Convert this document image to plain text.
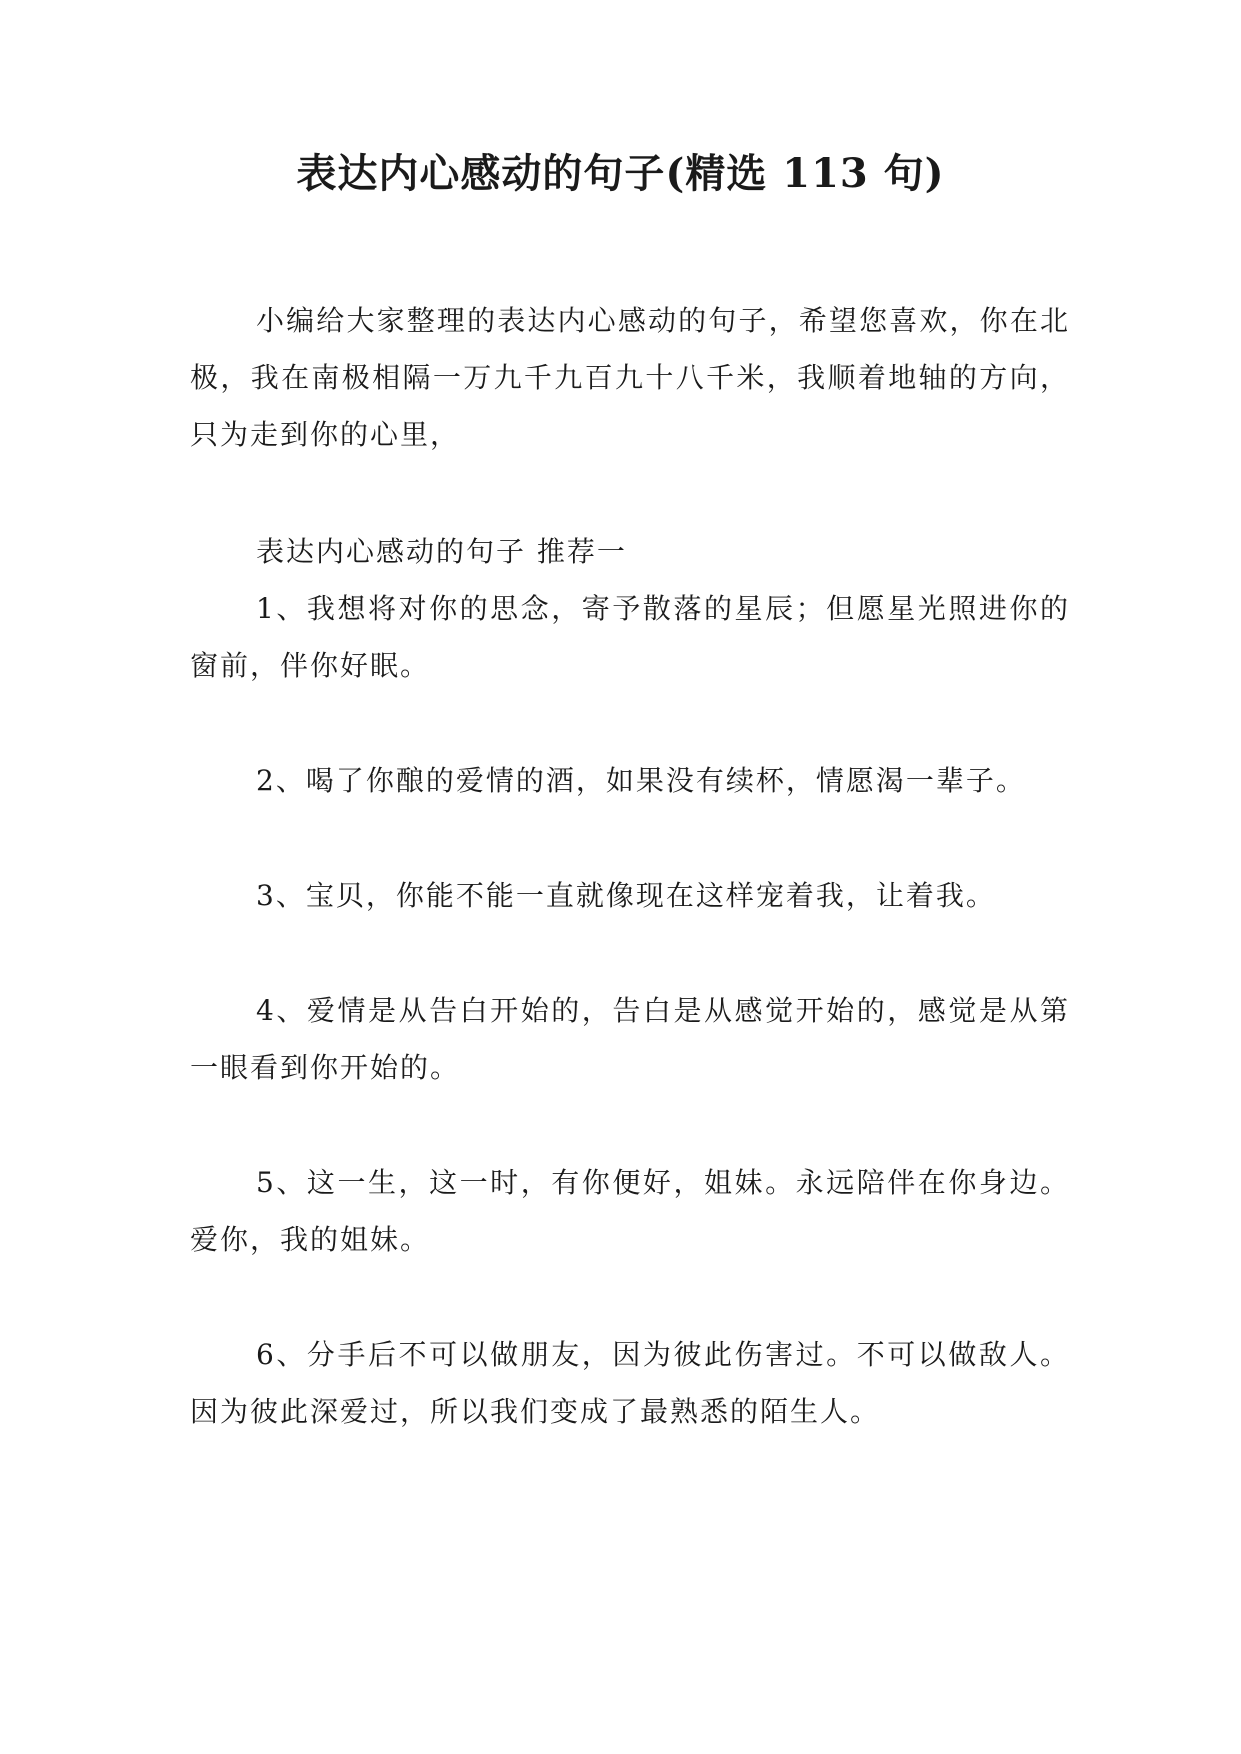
表达内心感动的句子(精选 113 句)

小编给大家整理的表达内心感动的句子，希望您喜欢，你在北极，我在南极相隔一万九千九百九十八千米，我顺着地轴的方向，只为走到你的心里，

表达内心感动的句子 推荐一

1、我想将对你的思念，寄予散落的星辰；但愿星光照进你的窗前，伴你好眠。

2、喝了你酿的爱情的酒，如果没有续杯，情愿渴一辈子。

3、宝贝，你能不能一直就像现在这样宠着我，让着我。

4、爱情是从告白开始的，告白是从感觉开始的，感觉是从第一眼看到你开始的。

5、这一生，这一时，有你便好，姐妹。永远陪伴在你身边。爱你，我的姐妹。

6、分手后不可以做朋友，因为彼此伤害过。不可以做敌人。因为彼此深爱过，所以我们变成了最熟悉的陌生人。
